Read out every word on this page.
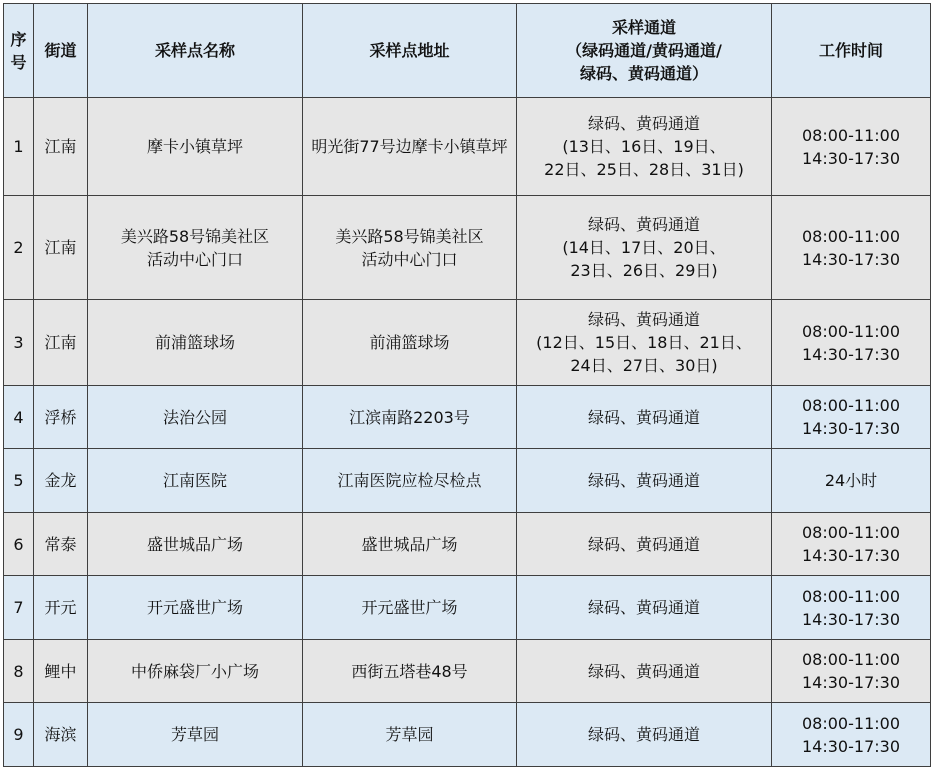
序
号	街道	采样点名称	采样点地址	采样通道
（绿码通道/黄码通道/
绿码、黄码通道）	工作时间
1	江南	摩卡小镇草坪	明光街77号边摩卡小镇草坪	绿码、黄码通道
(13日、16日、19日、
22日、25日、28日、31日)	08:00-11:00
14:30-17:30
2	江南	美兴路58号锦美社区
活动中心门口	美兴路58号锦美社区
活动中心门口	绿码、黄码通道
(14日、17日、20日、
23日、26日、29日)	08:00-11:00
14:30-17:30
3	江南	前浦篮球场	前浦篮球场	绿码、黄码通道
(12日、15日、18日、21日、
24日、27日、30日)	08:00-11:00
14:30-17:30
4	浮桥	法治公园	江滨南路2203号	绿码、黄码通道	08:00-11:00
14:30-17:30
5	金龙	江南医院	江南医院应检尽检点	绿码、黄码通道	24小时
6	常泰	盛世城品广场	盛世城品广场	绿码、黄码通道	08:00-11:00
14:30-17:30
7	开元	开元盛世广场	开元盛世广场	绿码、黄码通道	08:00-11:00
14:30-17:30
8	鲤中	中侨麻袋厂小广场	西街五塔巷48号	绿码、黄码通道	08:00-11:00
14:30-17:30
9	海滨	芳草园	芳草园	绿码、黄码通道	08:00-11:00
14:30-17:30
